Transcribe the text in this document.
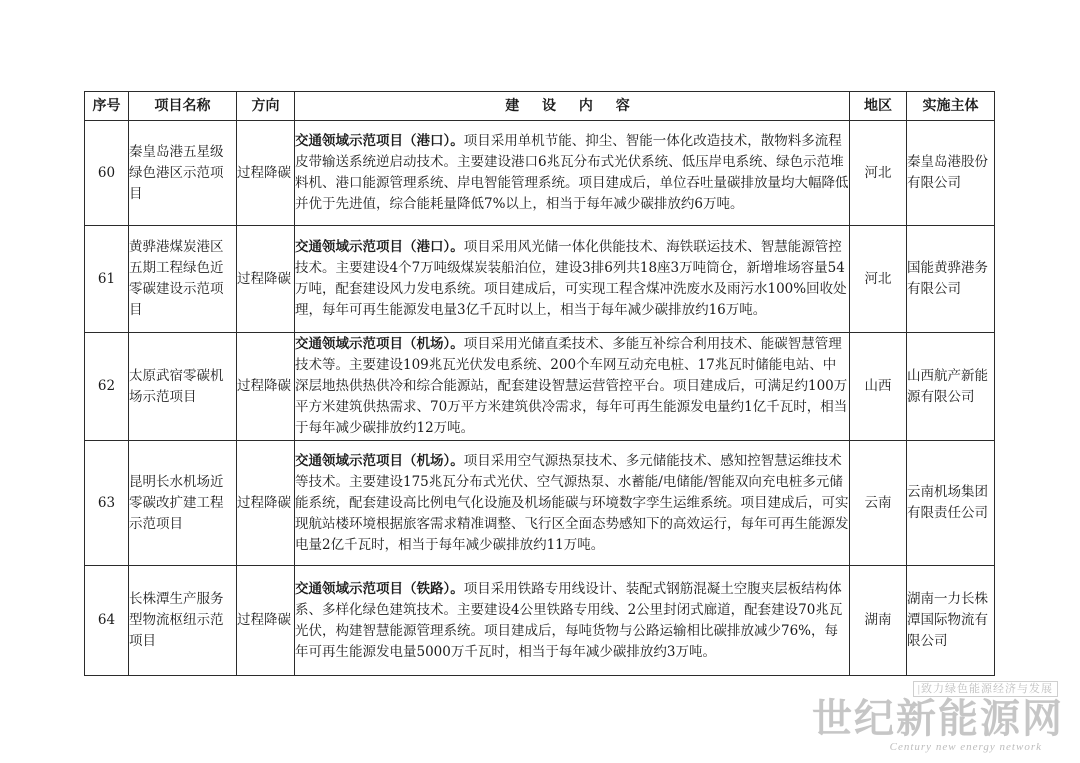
序号	项目名称	方向	建 设 内 容	地区	实施主体
60	秦皇岛港五星级绿色港区示范项目	过程降碳	交通领域示范项目（港口）。项目采用单机节能、抑尘、智能一体化改造技术，散物料多流程皮带输送系统逆启动技术。主要建设港口6兆瓦分布式光伏系统、低压岸电系统、绿色示范堆料机、港口能源管理系统、岸电智能管理系统。项目建成后，单位吞吐量碳排放量均大幅降低并优于先进值，综合能耗量降低7%以上，相当于每年减少碳排放约6万吨。	河北	秦皇岛港股份有限公司
61	黄骅港煤炭港区五期工程绿色近零碳建设示范项目	过程降碳	交通领域示范项目（港口）。项目采用风光储一体化供能技术、海铁联运技术、智慧能源管控技术。主要建设4个7万吨级煤炭装船泊位，建设3排6列共18座3万吨筒仓，新增堆场容量54万吨，配套建设风力发电系统。项目建成后，可实现工程含煤冲洗废水及雨污水100%回收处理，每年可再生能源发电量3亿千瓦时以上，相当于每年减少碳排放约16万吨。	河北	国能黄骅港务有限公司
62	太原武宿零碳机场示范项目	过程降碳	交通领域示范项目（机场）。项目采用光储直柔技术、多能互补综合利用技术、能碳智慧管理技术等。主要建设109兆瓦光伏发电系统、200个车网互动充电桩、17兆瓦时储能电站、中深层地热供热供冷和综合能源站，配套建设智慧运营管控平台。项目建成后，可满足约100万平方米建筑供热需求、70万平方米建筑供冷需求，每年可再生能源发电量约1亿千瓦时，相当于每年减少碳排放约12万吨。	山西	山西航产新能源有限公司
63	昆明长水机场近零碳改扩建工程示范项目	过程降碳	交通领域示范项目（机场）。项目采用空气源热泵技术、多元储能技术、感知控智慧运维技术等技术。主要建设175兆瓦分布式光伏、空气源热泵、水蓄能/电储能/智能双向充电桩多元储能系统，配套建设高比例电气化设施及机场能碳与环境数字孪生运维系统。项目建成后，可实现航站楼环境根据旅客需求精准调整、飞行区全面态势感知下的高效运行，每年可再生能源发电量2亿千瓦时，相当于每年减少碳排放约11万吨。	云南	云南机场集团有限责任公司
64	长株潭生产服务型物流枢纽示范项目	过程降碳	交通领域示范项目（铁路）。项目采用铁路专用线设计、装配式钢筋混凝土空腹夹层板结构体系、多样化绿色建筑技术。主要建设4公里铁路专用线、2公里封闭式廊道，配套建设70兆瓦光伏，构建智慧能源管理系统。项目建成后，每吨货物与公路运输相比碳排放减少76%，每年可再生能源发电量5000万千瓦时，相当于每年减少碳排放约3万吨。	湖南	湖南一力长株潭国际物流有限公司
|致力绿色能源经济与发展
世纪新能源网
Century new energy network
